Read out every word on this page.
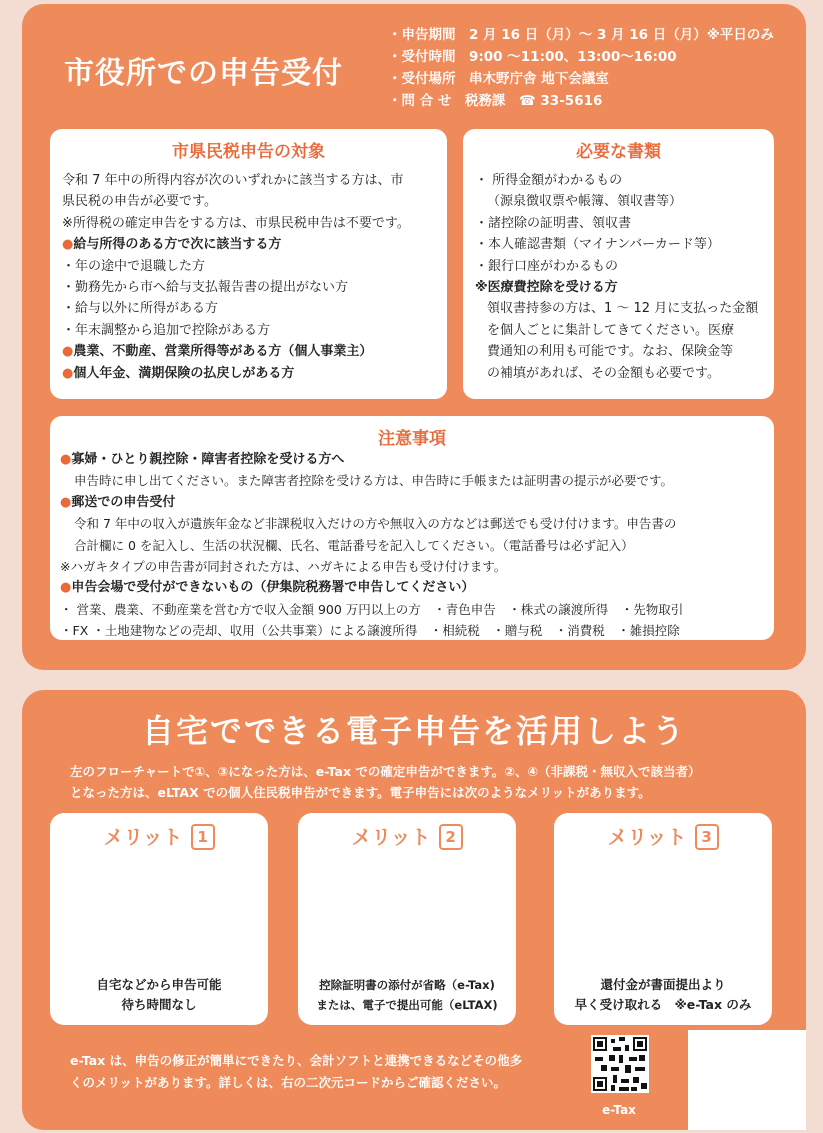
市役所での申告受付
・申告期間　2 月 16 日（月）～ 3 月 16 日（月）※平日のみ
・受付時間　9:00 ～11:00、13:00～16:00
・受付場所　串木野庁舎 地下会議室
・問 合 せ　税務課　☎ 33-5616
市県民税申告の対象
令和 7 年中の所得内容が次のいずれかに該当する方は、市
県民税の申告が必要です。
※所得税の確定申告をする方は、市県民税申告は不要です。
●給与所得のある方で次に該当する方
・年の途中で退職した方
・勤務先から市へ給与支払報告書の提出がない方
・給与以外に所得がある方
・年末調整から追加で控除がある方
●農業、不動産、営業所得等がある方（個人事業主）
●個人年金、満期保険の払戻しがある方
必要な書類
・ 所得金額がわかるもの
（源泉徴収票や帳簿、領収書等）
・諸控除の証明書、領収書
・本人確認書類（マイナンバーカード等）
・銀行口座がわかるもの
※医療費控除を受ける方
領収書持参の方は、1 ～ 12 月に支払った金額
を個人ごとに集計してきてください。医療
費通知の利用も可能です。なお、保険金等
の補填があれば、その金額も必要です。
注意事項
●寡婦・ひとり親控除・障害者控除を受ける方へ
申告時に申し出てください。また障害者控除を受ける方は、申告時に手帳または証明書の提示が必要です。
●郵送での申告受付
令和 7 年中の収入が遺族年金など非課税収入だけの方や無収入の方などは郵送でも受け付けます。申告書の
合計欄に 0 を記入し、生活の状況欄、氏名、電話番号を記入してください。（電話番号は必ず記入）
※ハガキタイプの申告書が同封された方は、ハガキによる申告も受け付けます。
●申告会場で受付ができないもの（伊集院税務署で申告してください）
・ 営業、農業、不動産業を営む方で収入金額 900 万円以上の方　・青色申告　・株式の譲渡所得　・先物取引
・FX ・土地建物などの売却、収用（公共事業）による譲渡所得　・相続税　・贈与税　・消費税　・雑損控除
自宅でできる電子申告を活用しよう
左のフローチャートで①、③になった方は、e-Tax での確定申告ができます。②、④（非課税・無収入で該当者）
となった方は、eLTAX での個人住民税申告ができます。電子申告には次のようなメリットがあります。
メリット 1
自宅などから申告可能
待ち時間なし
メリット 2
控除証明書の添付が省略（e-Tax)
または、電子で提出可能（eLTAX)
メリット 3
還付金が書面提出より
早く受け取れる　※e-Tax のみ
e-Tax は、申告の修正が簡単にできたり、会計ソフトと連携できるなどその他多
くのメリットがあります。詳しくは、右の二次元コードからご確認ください。
e-Tax
